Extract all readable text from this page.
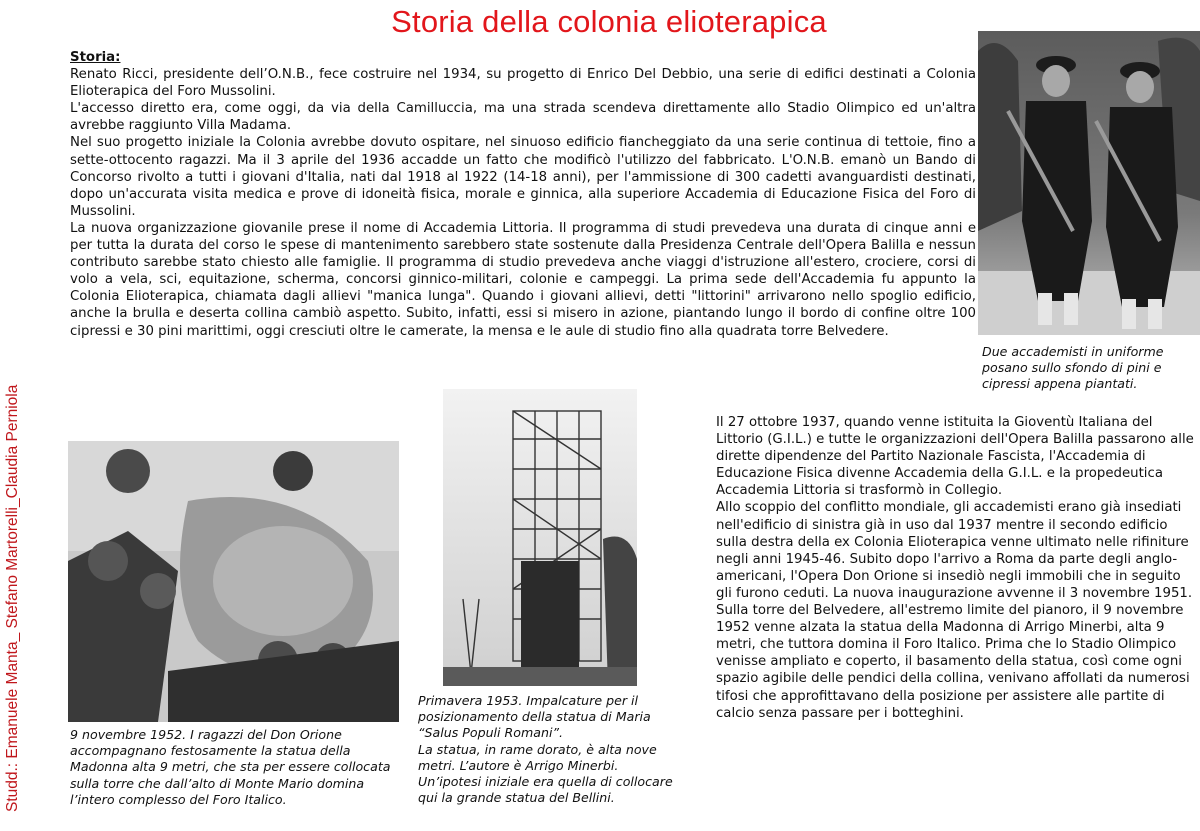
Storia della colonia elioterapica
Studd.: Emanuele Manta_ Stefano Martorelli_Claudia Perniola

Storia:

Renato Ricci, presidente dell’O.N.B., fece costruire nel 1934, su progetto di Enrico Del Debbio, una serie di edifici destinati a Colonia Elioterapica del Foro Mussolini.

L'accesso diretto era, come oggi, da via della Camilluccia, ma una strada scendeva direttamente allo Stadio Olimpico ed un'altra avrebbe raggiunto Villa Madama.

Nel suo progetto iniziale la Colonia avrebbe dovuto ospitare, nel sinuoso edificio fiancheggiato da una serie continua di tettoie, fino a sette-ottocento ragazzi. Ma il 3 aprile del 1936 accadde un fatto che modificò l'utilizzo del fabbricato. L'O.N.B. emanò un Bando di Concorso rivolto a tutti i giovani d'Italia, nati dal 1918 al 1922 (14-18 anni), per l'ammissione di 300 cadetti avanguardisti destinati, dopo un'accurata visita medica e prove di idoneità fisica, morale e ginnica, alla superiore Accademia di Educazione Fisica del Foro di Mussolini.

La nuova organizzazione giovanile prese il nome di Accademia Littoria. Il programma di studi prevedeva una durata di cinque anni e per tutta la durata del corso le spese di mantenimento sarebbero state sostenute dalla Presidenza Centrale dell'Opera Balilla e nessun contributo sarebbe stato chiesto alle famiglie. Il programma di studio prevedeva anche viaggi d'istruzione all'estero, crociere, corsi di volo a vela, sci, equitazione, scherma, concorsi ginnico-militari, colonie e campeggi. La prima sede dell'Accademia fu appunto la Colonia Elioterapica, chiamata dagli allievi "manica lunga". Quando i giovani allievi, detti "littorini" arrivarono nello spoglio edificio, anche la brulla e deserta collina cambiò aspetto. Subito, infatti, essi si misero in azione, piantando lungo il bordo di confine oltre 100 cipressi e 30 pini marittimi, oggi cresciuti oltre le camerate, la mensa e le aule di studio fino alla quadrata torre Belvedere.

Due accademisti in uniforme posano sullo sfondo di pini e cipressi appena piantati.
9 novembre 1952. I ragazzi del Don Orione accompagnano festosamente la statua della Madonna alta 9 metri, che sta per essere collocata sulla torre che dall’alto di Monte Mario domina l’intero complesso del Foro Italico.

Primavera 1953. Impalcature per il posizionamento della statua di Maria “Salus Populi Romani”.

La statua, in rame dorato, è alta nove metri. L’autore è Arrigo Minerbi.

Un’ipotesi iniziale era quella di collocare qui la grande statua del Bellini.

Il 27 ottobre 1937, quando venne istituita la Gioventù Italiana del Littorio (G.I.L.) e tutte le organizzazioni dell'Opera Balilla passarono alle dirette dipendenze del Partito Nazionale Fascista, l'Accademia di Educazione Fisica divenne Accademia della G.I.L. e la propedeutica Accademia Littoria si trasformò in Collegio.

Allo scoppio del conflitto mondiale, gli accademisti erano già insediati nell'edificio di sinistra già in uso dal 1937 mentre il secondo edificio sulla destra della ex Colonia Elioterapica venne ultimato nelle rifiniture negli anni 1945-46. Subito dopo l'arrivo a Roma da parte degli anglo-americani, l'Opera Don Orione si insediò negli immobili che in seguito gli furono ceduti. La nuova inaugurazione avvenne il 3 novembre 1951.

Sulla torre del Belvedere, all'estremo limite del pianoro, il 9 novembre 1952 venne alzata la statua della Madonna di Arrigo Minerbi, alta 9 metri, che tuttora domina il Foro Italico. Prima che lo Stadio Olimpico venisse ampliato e coperto, il basamento della statua, così come ogni spazio agibile delle pendici della collina, venivano affollati da numerosi tifosi che approfittavano della posizione per assistere alle partite di calcio senza passare per i botteghini.
